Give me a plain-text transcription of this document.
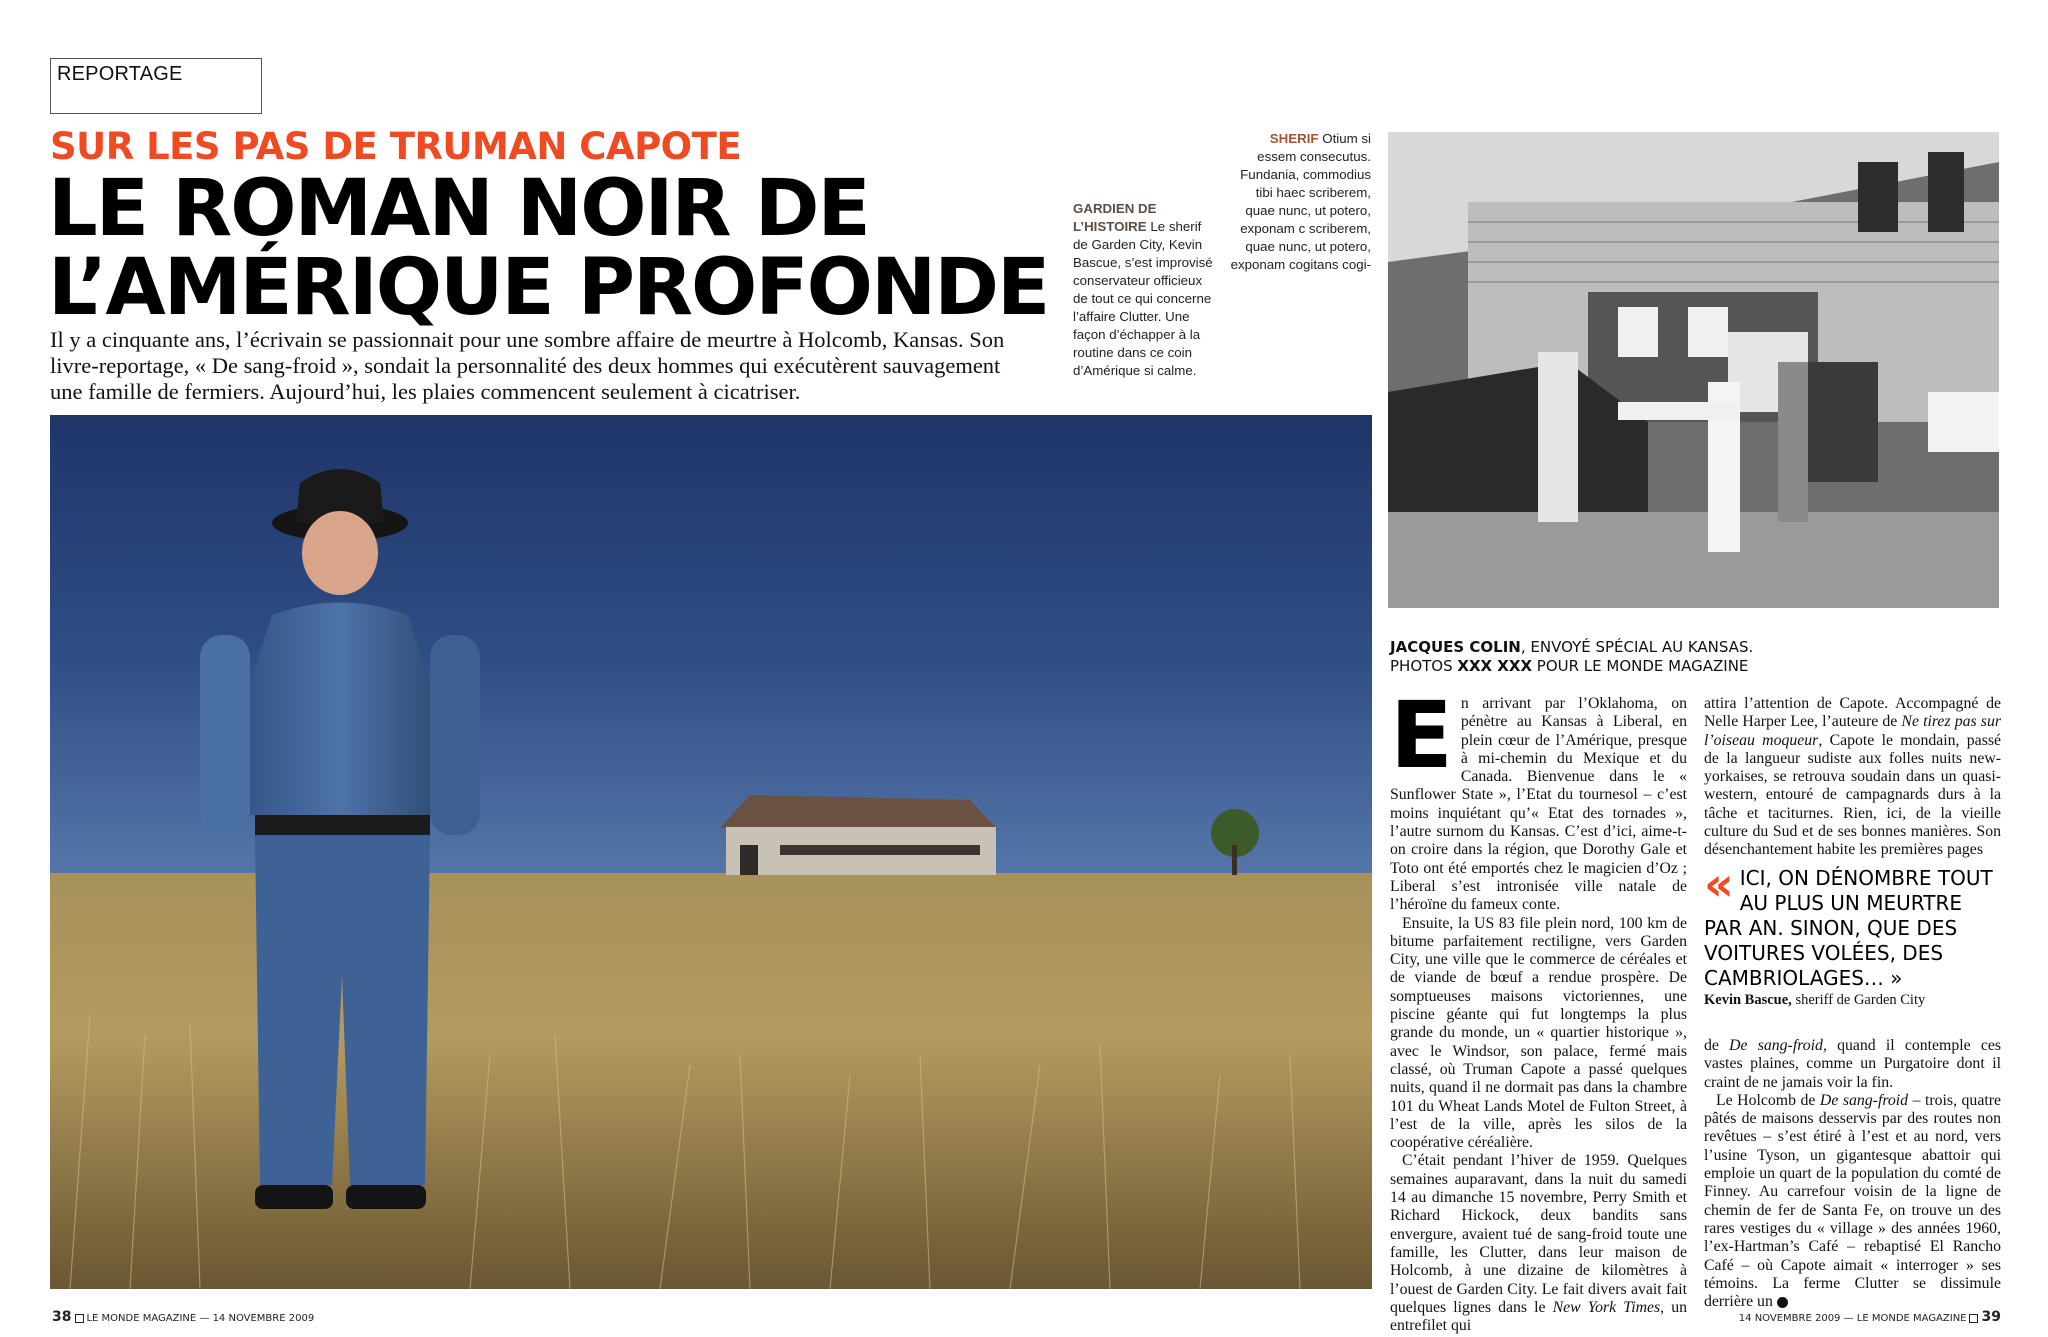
REPORTAGE
SUR LES PAS DE TRUMAN CAPOTE
LE ROMAN NOIR DE
L’AMÉRIQUE PROFONDE
Il y a cinquante ans, l’écrivain se passionnait pour une sombre affaire de meurtre à Holcomb, Kansas. Son livre-reportage, « De sang-froid », sondait la personnalité des deux hommes qui exécutèrent sauvagement une famille de fermiers. Aujourd’hui, les plaies commencent seulement à cicatriser.
GARDIEN DE L’HISTOIRE Le sherif de Garden City, Kevin Bascue, s’est improvisé conservateur officieux de tout ce qui concerne l’affaire Clutter. Une façon d’échapper à la routine dans ce coin d’Amérique si calme.
SHERIF Otium si essem consecutus. Fundania, commodius tibi haec scriberem, quae nunc, ut potero, exponam c scriberem, quae nunc, ut potero, exponam cogitans cogi-
JACQUES COLIN, ENVOYÉ SPÉCIAL AU KANSAS.
PHOTOS XXX XXX POUR LE MONDE MAGAZINE

En arrivant par l’Oklahoma, on pénètre au Kansas à Liberal, en plein cœur de l’Amérique, presque à mi-chemin du Mexique et du Canada. Bienvenue dans le « Sunflower State », l’Etat du tournesol – c’est moins inquiétant qu’« Etat des tornades », l’autre surnom du Kansas. C’est d’ici, aime-t-on croire dans la région, que Dorothy Gale et Toto ont été emportés chez le magicien d’Oz ; Liberal s’est intronisée ville natale de l’héroïne du fameux conte.

Ensuite, la US 83 file plein nord, 100 km de bitume parfaitement rectiligne, vers Garden City, une ville que le commerce de céréales et de viande de bœuf a rendue prospère. De somptueuses maisons victoriennes, une piscine géante qui fut longtemps la plus grande du monde, un « quartier historique », avec le Windsor, son palace, fermé mais classé, où Truman Capote a passé quelques nuits, quand il ne dormait pas dans la chambre 101 du Wheat Lands Motel de Fulton Street, à l’est de la ville, après les silos de la coopérative céréalière.

C’était pendant l’hiver de 1959. Quelques semaines auparavant, dans la nuit du samedi 14 au dimanche 15 novembre, Perry Smith et Richard Hickock, deux bandits sans envergure, avaient tué de sang-froid toute une famille, les Clutter, dans leur maison de Holcomb, à une dizaine de kilomètres à l’ouest de Garden City. Le fait divers avait fait quelques lignes dans le New York Times, un entrefilet qui

attira l’attention de Capote. Accompagné de Nelle Harper Lee, l’auteure de Ne tirez pas sur l’oiseau moqueur, Capote le mondain, passé de la langueur sudiste aux folles nuits new-yorkaises, se retrouva soudain dans un quasi-western, entouré de campagnards durs à la tâche et taciturnes. Rien, ici, de la vieille culture du Sud et de ses bonnes manières. Son désenchantement habite les premières pages

« ICI, ON DÉNOMBRE TOUT AU PLUS UN MEURTRE PAR AN. SINON, QUE DES VOITURES VOLÉES, DES CAMBRIOLAGES… »
Kevin Bascue, sheriff de Garden City

de De sang-froid, quand il contemple ces vastes plaines, comme un Purgatoire dont il craint de ne jamais voir la fin.

Le Holcomb de De sang-froid – trois, quatre pâtés de maisons desservis par des routes non revêtues – s’est étiré à l’est et au nord, vers l’usine Tyson, un gigantesque abattoir qui emploie un quart de la population du comté de Finney. Au carrefour voisin de la ligne de chemin de fer de Santa Fe, on trouve un des rares vestiges du « village » des années 1960, l’ex-Hartman’s Café – rebaptisé El Rancho Café – où Capote aimait « interroger » ses témoins. La ferme Clutter se dissimule derrière un ➜

38 LE MONDE MAGAZINE — 14 NOVEMBRE 2009	14 NOVEMBRE 2009 — LE MONDE MAGAZINE 39
